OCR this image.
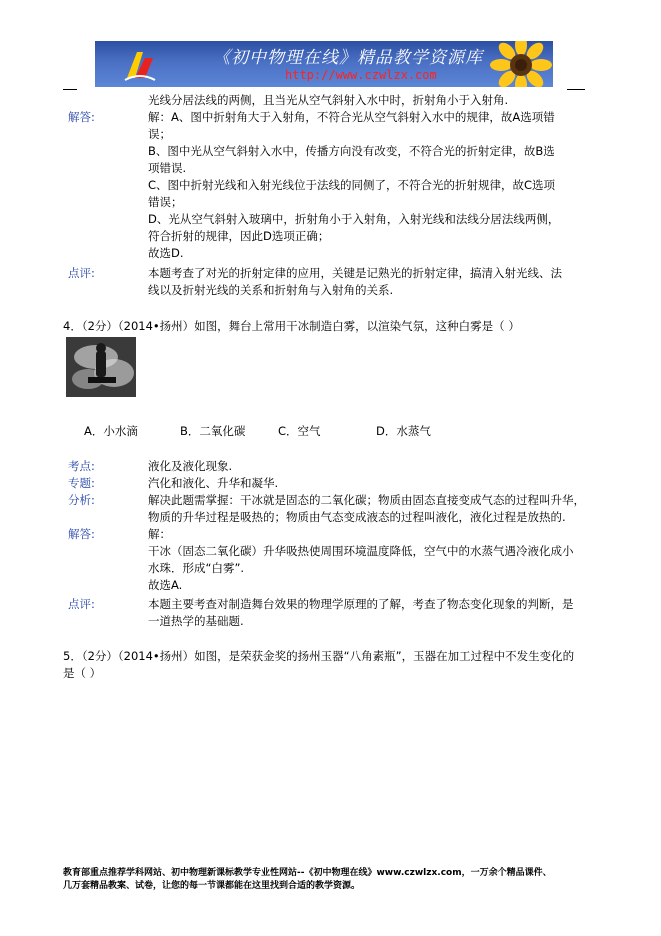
《初中物理在线》精品教学资源库
http://www.czwlzx.com
光线分居法线的两侧，且当光从空气斜射入水中时，折射角小于入射角.
解答:	解：A、图中折射角大于入射角，不符合光从空气斜射入水中的规律，故A选项错
误；
B、图中光从空气斜射入水中，传播方向没有改变，不符合光的折射定律，故B选
项错误.
C、图中折射光线和入射光线位于法线的同侧了，不符合光的折射规律，故C选项
错误；
D、光从空气斜射入玻璃中，折射角小于入射角，入射光线和法线分居法线两侧，
符合折射的规律，因此D选项正确；
故选D.
点评:	本题考查了对光的折射定律的应用，关键是记熟光的折射定律，搞清入射光线、法
线以及折射光线的关系和折射角与入射角的关系.
4．（2分）（2014•扬州）如图，舞台上常用干冰制造白雾，以渲染气氛，这种白雾是（ ）
A．小水滴	B．二氧化碳	C．空气	D．水蒸气
考点:	液化及液化现象.
专题:	汽化和液化、升华和凝华.
分析:	解决此题需掌握：干冰就是固态的二氧化碳；物质由固态直接变成气态的过程叫升华，
物质的升华过程是吸热的；物质由气态变成液态的过程叫液化，液化过程是放热的.
解答:	解：
干冰（固态二氧化碳）升华吸热使周围环境温度降低，空气中的水蒸气遇冷液化成小
水珠．形成“白雾”.
故选A.
点评:	本题主要考查对制造舞台效果的物理学原理的了解，考查了物态变化现象的判断，是
一道热学的基础题.
5．（2分）（2014•扬州）如图，是荣获金奖的扬州玉器“八角素瓶”，玉器在加工过程中不发生变化的
是（ ）
教育部重点推荐学科网站、初中物理新课标教学专业性网站--《初中物理在线》www.czwlzx.com，一万余个精品课件、
几万套精品教案、试卷，让您的每一节课都能在这里找到合适的教学资源。
